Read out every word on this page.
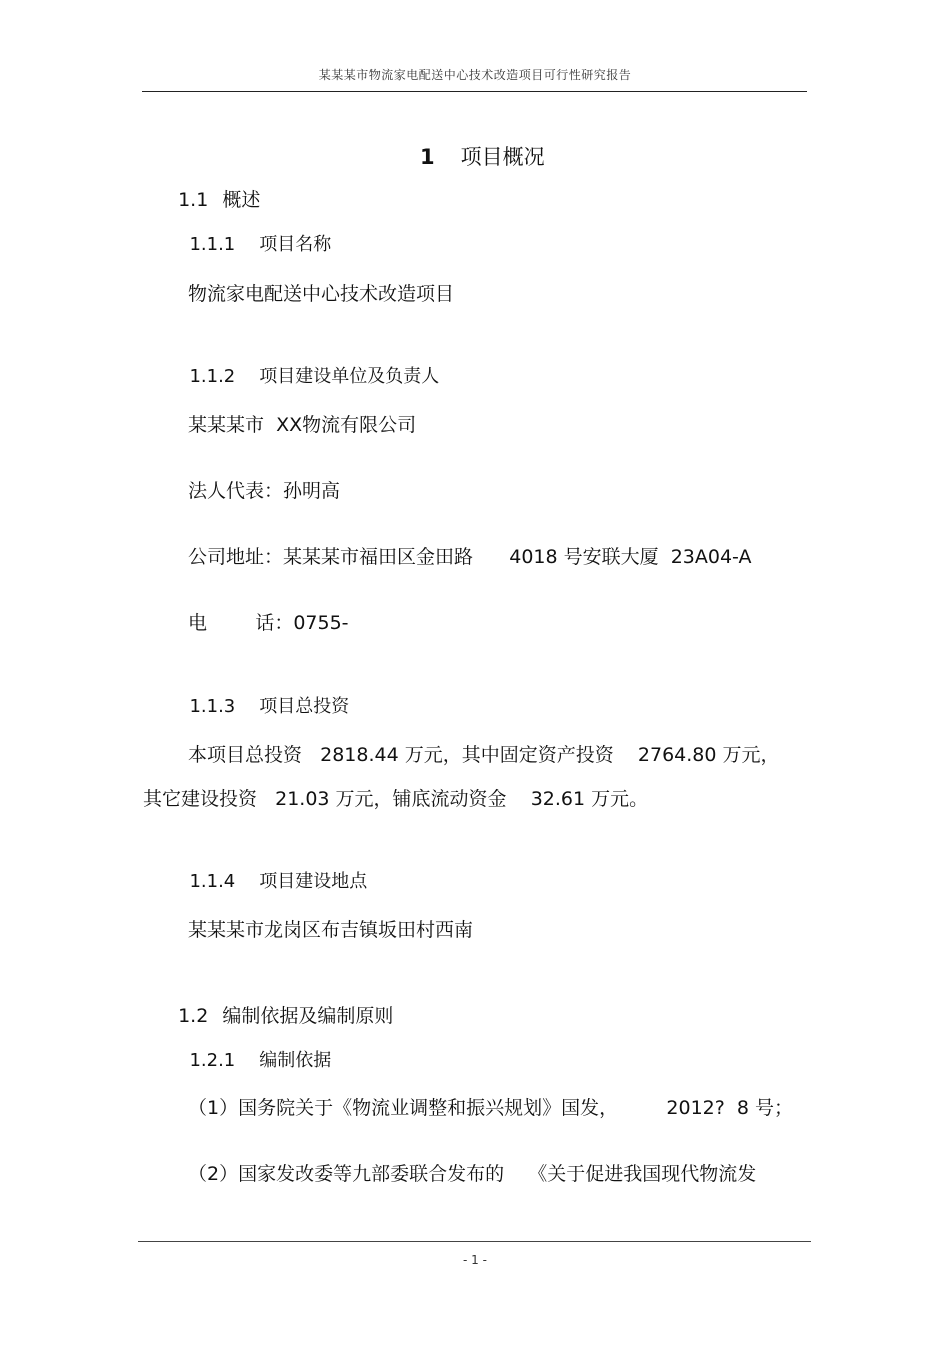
某某某市物流家电配送中心技术改造项目可行性研究报告

1 项目概况

1.1 概述

1.1.1 项目名称

物流家电配送中心技术改造项目

1.1.2 项目建设单位及负责人

某某某市  XX物流有限公司
法人代表：孙明高
公司地址：某某某市福田区金田路      4018 号安联大厦  23A04-A
电        话：0755-

1.1.3 项目总投资

本项目总投资   2818.44 万元，其中固定资产投资    2764.80 万元，
其它建设投资   21.03 万元，铺底流动资金    32.61 万元。

1.1.4 项目建设地点

某某某市龙岗区布吉镇坂田村西南

1.2 编制依据及编制原则

1.2.1 编制依据

（1）国务院关于《物流业调整和振兴规划》国发，        2012?  8 号；
（2）国家发改委等九部委联合发布的    《关于促进我国现代物流发
- 1 -
